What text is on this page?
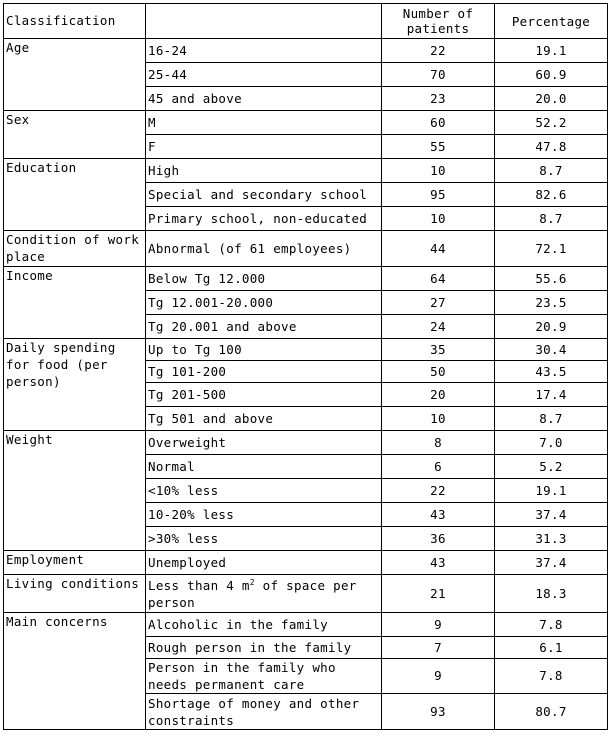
Classification		Number of patients	Percentage
Age	16-24	22	19.1
	25-44	70	60.9
	45 and above	23	20.0
Sex	M	60	52.2
	F	55	47.8
Education	High	10	8.7
	Special and secondary school	95	82.6
	Primary school, non-educated	10	8.7
Condition of work place	Abnormal (of 61 employees)	44	72.1
Income	Below Tg 12.000	64	55.6
	Tg 12.001-20.000	27	23.5
	Tg 20.001 and above	24	20.9
Daily spending for food (per person)	Up to Tg 100	35	30.4
	Tg 101-200	50	43.5
	Tg 201-500	20	17.4
	Tg 501 and above	10	8.7
Weight	Overweight	8	7.0
	Normal	6	5.2
	<10% less	22	19.1
	10-20% less	43	37.4
	>30% less	36	31.3
Employment	Unemployed	43	37.4
Living conditions	Less than 4 $m^2$ of space per person	21	18.3
Main concerns	Alcoholic in the family	9	7.8
	Rough person in the family	7	6.1
	Person in the family who needs permanent care	9	7.8
	Shortage of money and other constraints	93	80.7
